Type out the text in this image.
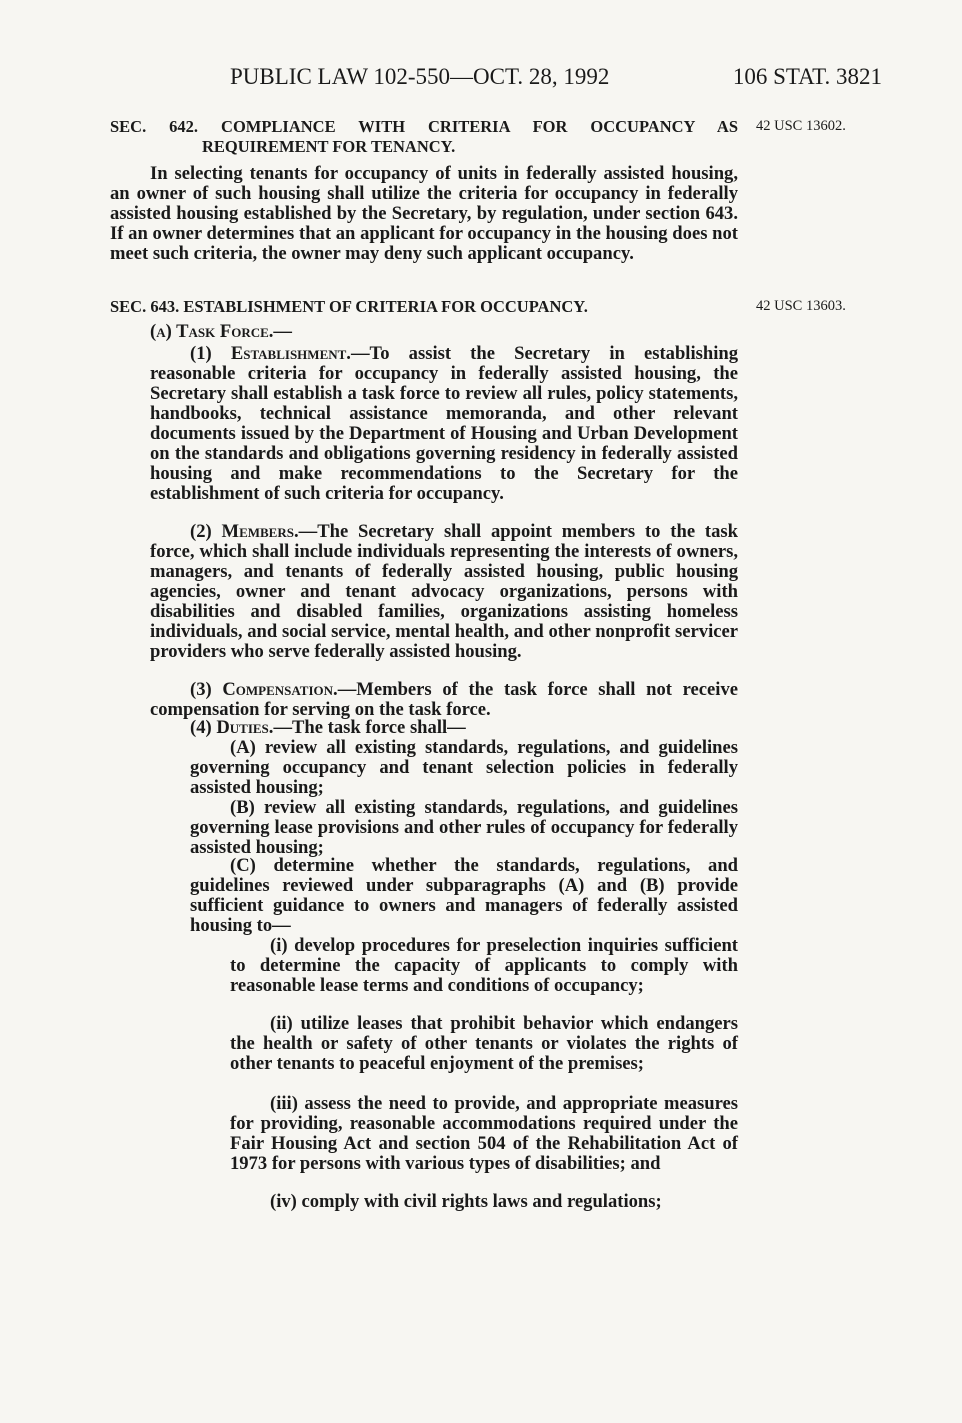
PUBLIC LAW 102-550—OCT. 28, 1992	106 STAT. 3821
SEC. 642. COMPLIANCE WITH CRITERIA FOR OCCUPANCY AS
REQUIREMENT FOR TENANCY.
42 USC 13602.
In selecting tenants for occupancy of units in federally assisted housing, an owner of such housing shall utilize the criteria for occupancy in federally assisted housing established by the Secretary, by regulation, under section 643. If an owner determines that an applicant for occupancy in the housing does not meet such criteria, the owner may deny such applicant occupancy.
SEC. 643. ESTABLISHMENT OF CRITERIA FOR OCCUPANCY.	42 USC 13603.
(a) Task Force.—
(1) Establishment.—To assist the Secretary in establishing reasonable criteria for occupancy in federally assisted housing, the Secretary shall establish a task force to review all rules, policy statements, handbooks, technical assistance memoranda, and other relevant documents issued by the Department of Housing and Urban Development on the standards and obligations governing residency in federally assisted housing and make recommendations to the Secretary for the establishment of such criteria for occupancy.
(2) Members.—The Secretary shall appoint members to the task force, which shall include individuals representing the interests of owners, managers, and tenants of federally assisted housing, public housing agencies, owner and tenant advocacy organizations, persons with disabilities and disabled families, organizations assisting homeless individuals, and social service, mental health, and other nonprofit servicer providers who serve federally assisted housing.
(3) Compensation.—Members of the task force shall not receive compensation for serving on the task force.
(4) Duties.—The task force shall—
(A) review all existing standards, regulations, and guidelines governing occupancy and tenant selection policies in federally assisted housing;
(B) review all existing standards, regulations, and guidelines governing lease provisions and other rules of occupancy for federally assisted housing;
(C) determine whether the standards, regulations, and guidelines reviewed under subparagraphs (A) and (B) provide sufficient guidance to owners and managers of federally assisted housing to—
(i) develop procedures for preselection inquiries sufficient to determine the capacity of applicants to comply with reasonable lease terms and conditions of occupancy;
(ii) utilize leases that prohibit behavior which endangers the health or safety of other tenants or violates the rights of other tenants to peaceful enjoyment of the premises;
(iii) assess the need to provide, and appropriate measures for providing, reasonable accommodations required under the Fair Housing Act and section 504 of the Rehabilitation Act of 1973 for persons with various types of disabilities; and
(iv) comply with civil rights laws and regulations;
